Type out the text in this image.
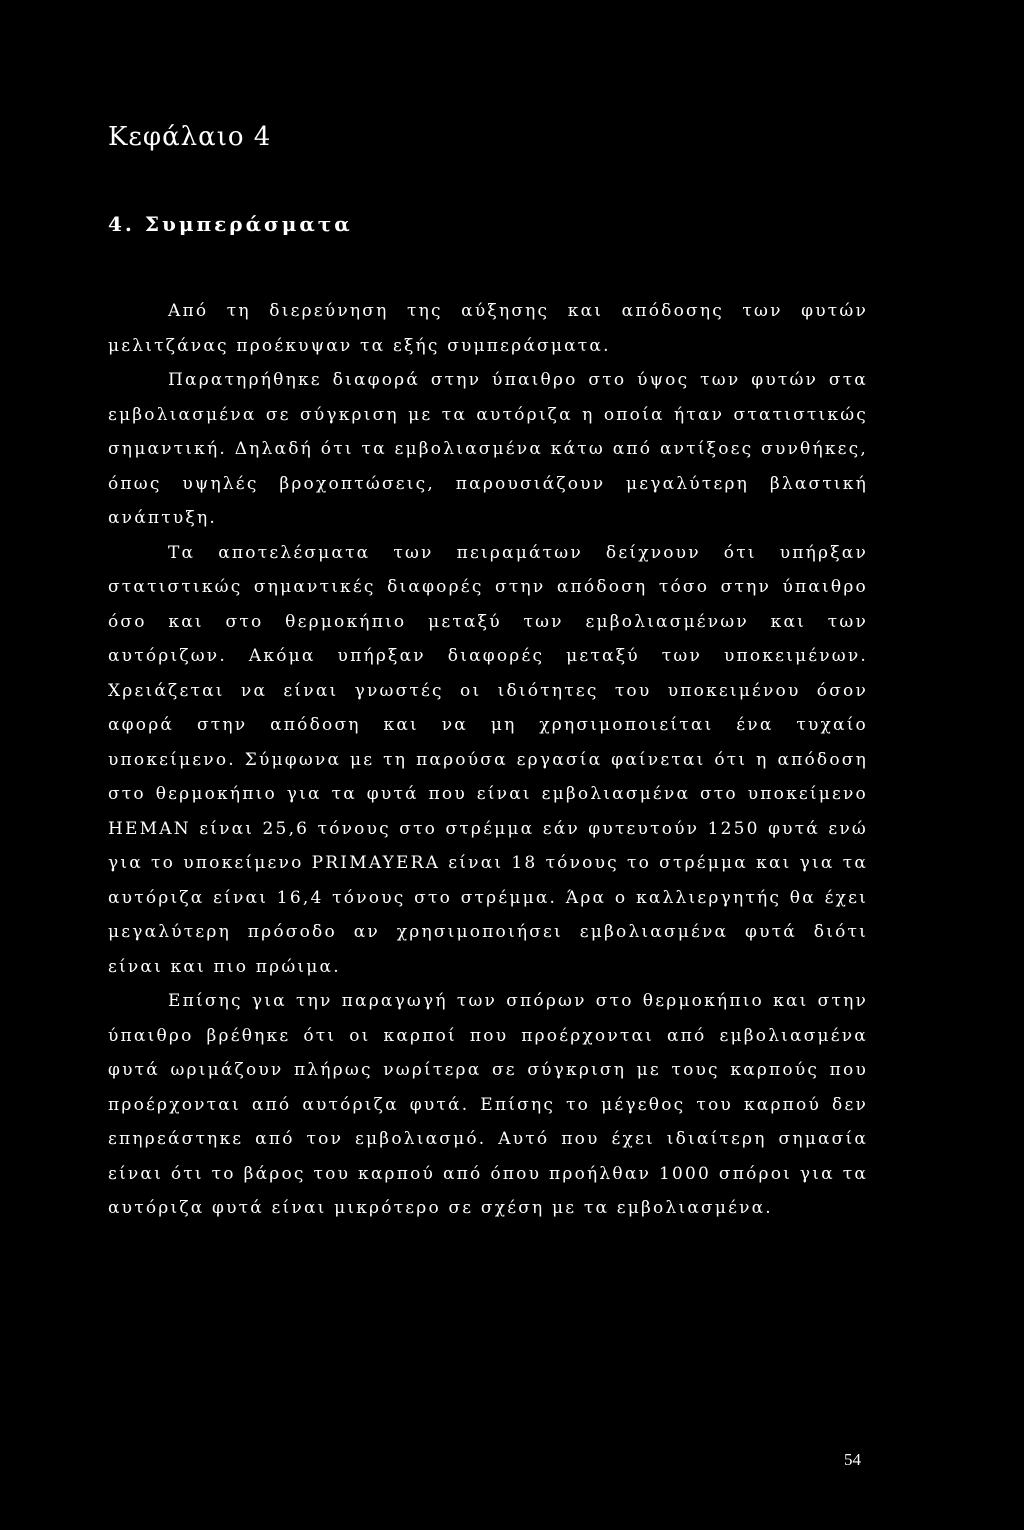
Κεφάλαιο 4
4. Συμπεράσματα

Από τη διερεύνηση της αύξησης και απόδοσης των φυτών μελιτζάνας προέκυψαν τα εξής συμπεράσματα.

Παρατηρήθηκε διαφορά στην ύπαιθρο στο ύψος των φυτών στα εμβολιασμένα σε σύγκριση με τα αυτόριζα η οποία ήταν στατιστικώς σημαντική. Δηλαδή ότι τα εμβολιασμένα κάτω από αντίξοες συνθήκες, όπως υψηλές βροχοπτώσεις, παρουσιάζουν μεγαλύτερη βλαστική ανάπτυξη.

Τα αποτελέσματα των πειραμάτων δείχνουν ότι υπήρξαν στατιστικώς σημαντικές διαφορές στην απόδοση τόσο στην ύπαιθρο όσο και στο θερμοκήπιο μεταξύ των εμβολιασμένων και των αυτόριζων. Ακόμα υπήρξαν διαφορές μεταξύ των υποκειμένων. Χρειάζεται να είναι γνωστές οι ιδιότητες του υποκειμένου όσον αφορά στην απόδοση και να μη χρησιμοποιείται ένα τυχαίο υποκείμενο. Σύμφωνα με τη παρούσα εργασία φαίνεται ότι η απόδοση στο θερμοκήπιο για τα φυτά που είναι εμβολιασμένα στο υποκείμενο HEMAN είναι 25,6 τόνους στο στρέμμα εάν φυτευτούν 1250 φυτά ενώ για το υποκείμενο PRIMAYERA είναι 18 τόνους το στρέμμα και για τα αυτόριζα είναι 16,4 τόνους στο στρέμμα. Άρα ο καλλιεργητής θα έχει μεγαλύτερη πρόσοδο αν χρησιμοποιήσει εμβολιασμένα φυτά διότι είναι και πιο πρώιμα.

Επίσης για την παραγωγή των σπόρων στο θερμοκήπιο και στην ύπαιθρο βρέθηκε ότι οι καρποί που προέρχονται από εμβολιασμένα φυτά ωριμάζουν πλήρως νωρίτερα σε σύγκριση με τους καρπούς που προέρχονται από αυτόριζα φυτά. Επίσης το μέγεθος του καρπού δεν επηρεάστηκε από τον εμβολιασμό. Αυτό που έχει ιδιαίτερη σημασία είναι ότι το βάρος του καρπού από όπου προήλθαν 1000 σπόροι για τα αυτόριζα φυτά είναι μικρότερο σε σχέση με τα εμβολιασμένα.

54
